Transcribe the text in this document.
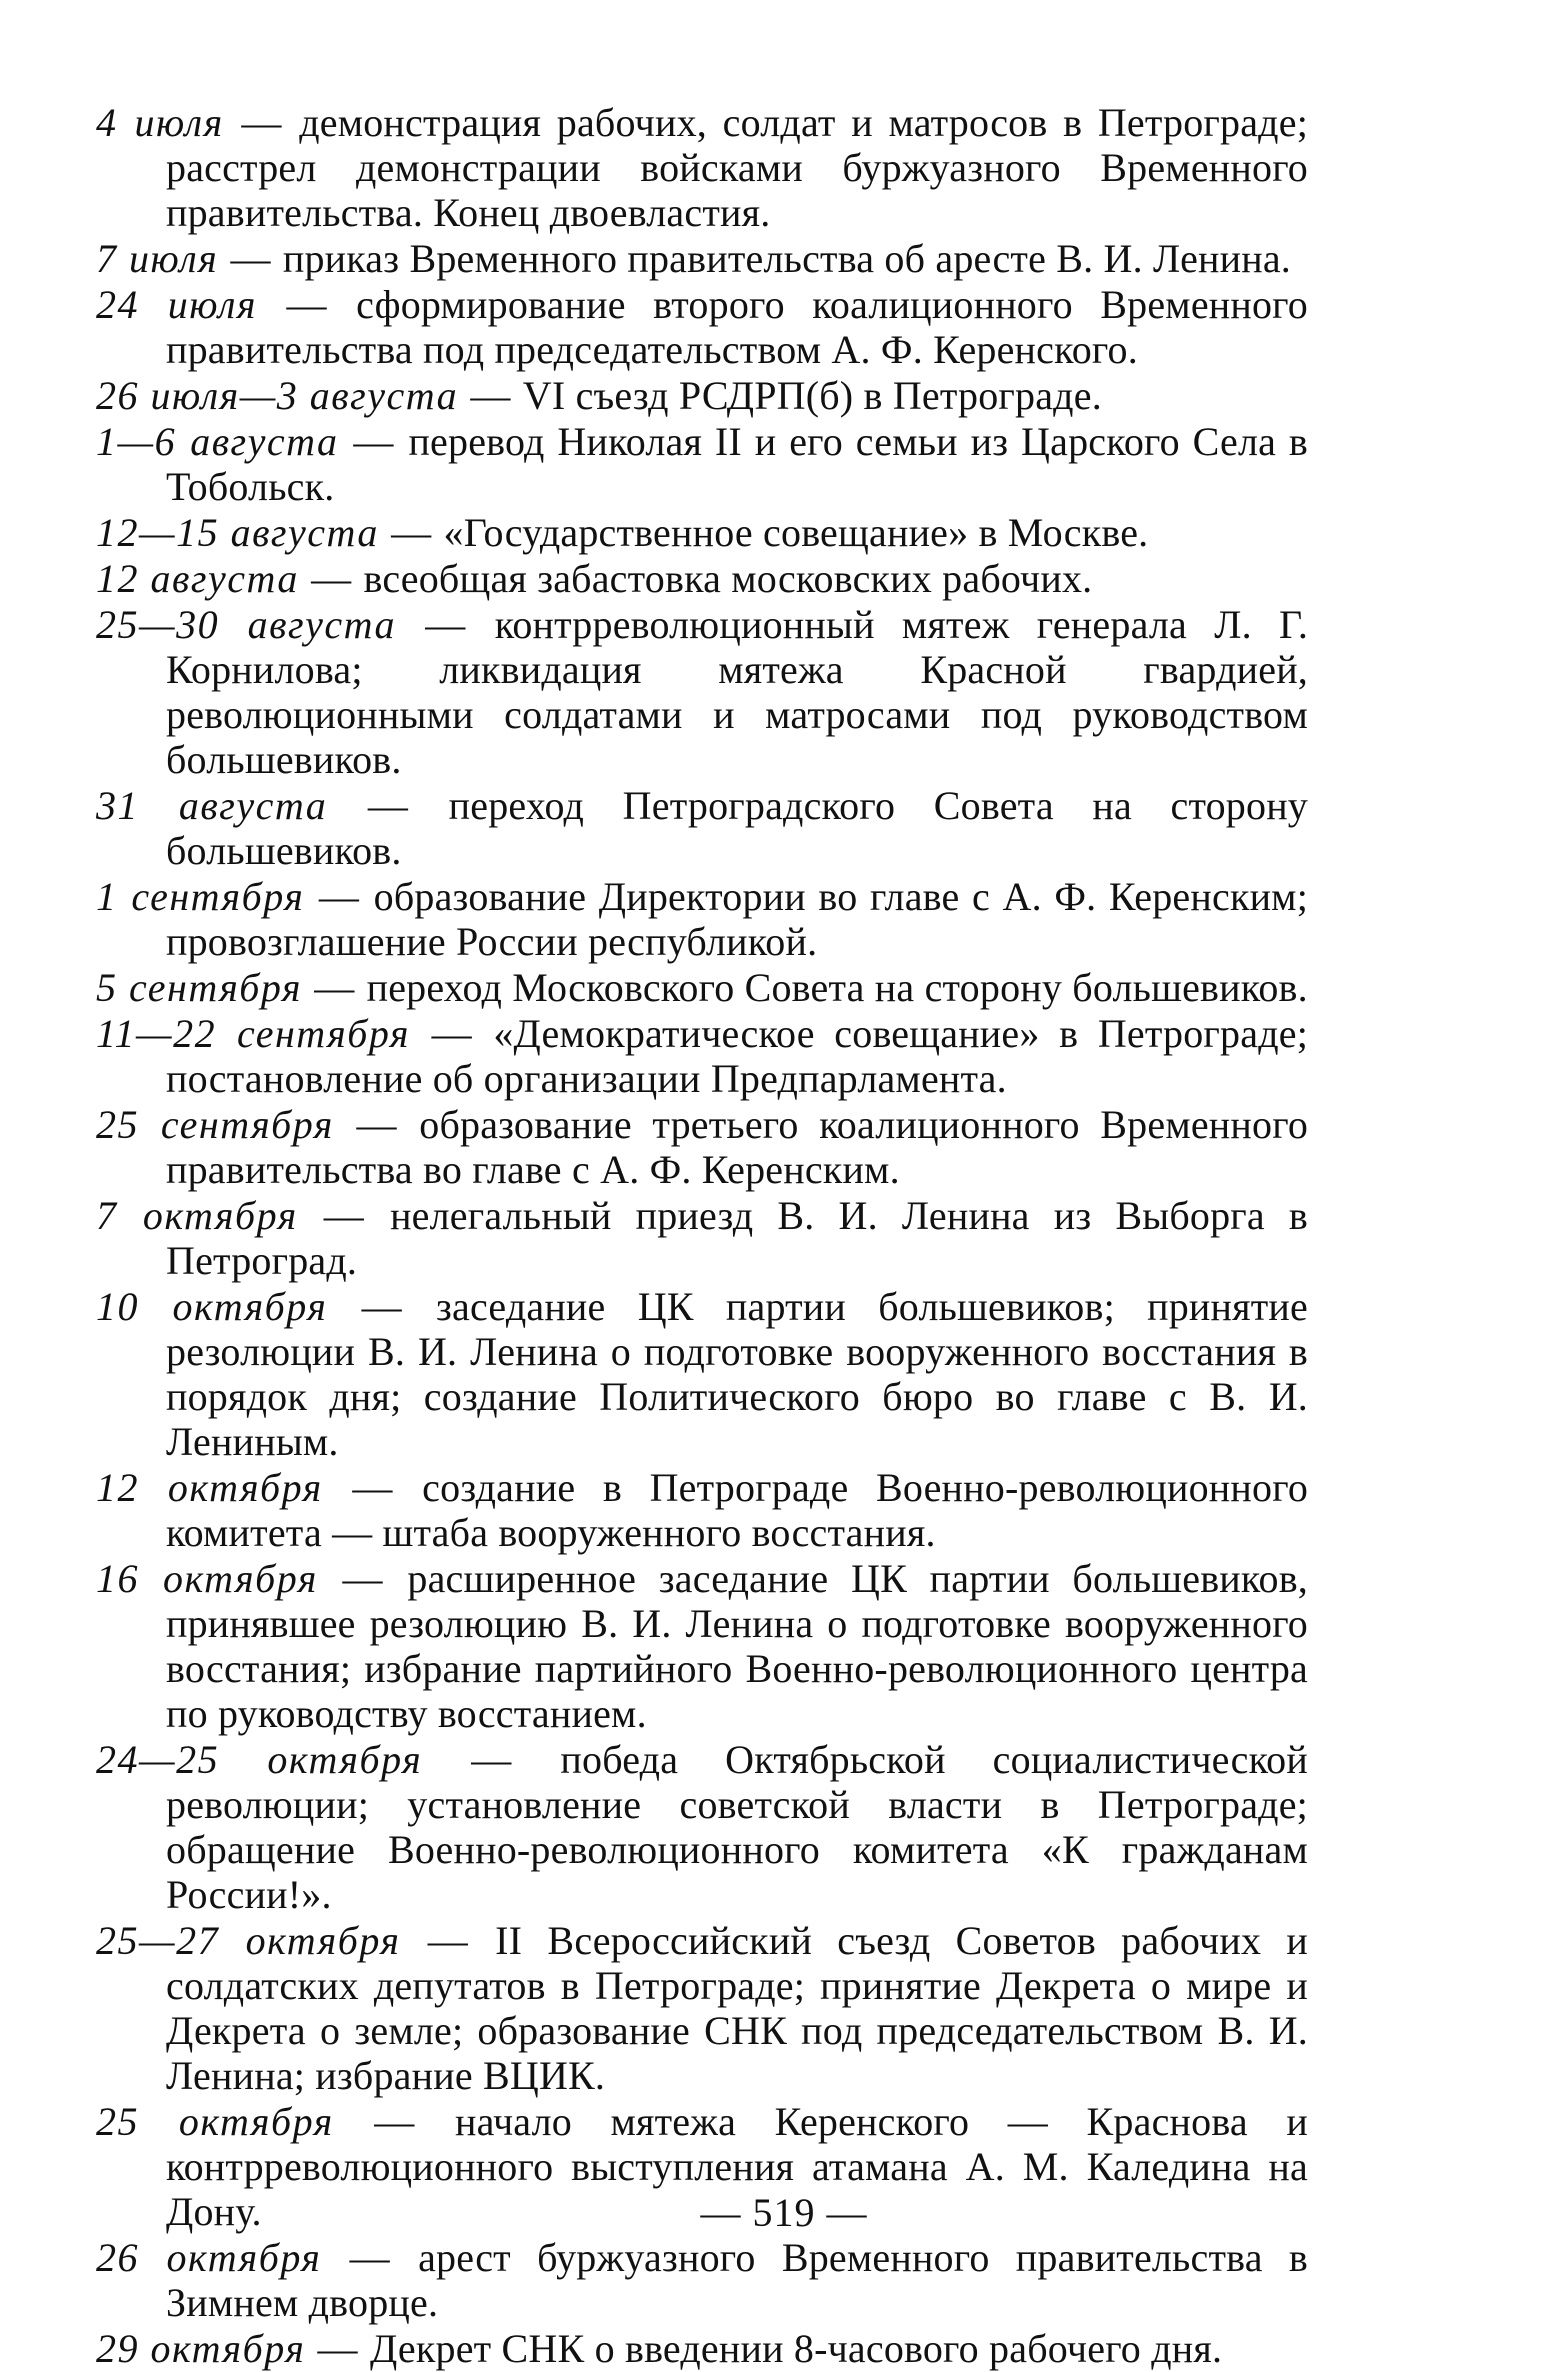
4 июля — демонстрация рабочих, солдат и матросов в Петрограде; расстрел демонстрации войсками буржуазного Временного правительства. Конец двоевластия.

7 июля — приказ Временного правительства об аресте В. И. Ленина.

24 июля — сформирование второго коалиционного Временного правительства под председательством А. Ф. Керенского.

26 июля—3 августа — VI съезд РСДРП(б) в Петрограде.

1—6 августа — перевод Николая II и его семьи из Царского Села в Тобольск.

12—15 августа — «Государственное совещание» в Москве.

12 августа — всеобщая забастовка московских рабочих.

25—30 августа — контрреволюционный мятеж генерала Л. Г. Корнилова; ликвидация мятежа Красной гвардией, революционными солдатами и матросами под руководством большевиков.

31 августа — переход Петроградского Совета на сторону большевиков.

1 сентября — образование Директории во главе с А. Ф. Керенским; провозглашение России республикой.

5 сентября — переход Московского Совета на сторону большевиков.

11—22 сентября — «Демократическое совещание» в Петрограде; постановление об организации Предпарламента.

25 сентября — образование третьего коалиционного Временного правительства во главе с А. Ф. Керенским.

7 октября — нелегальный приезд В. И. Ленина из Выборга в Петроград.

10 октября — заседание ЦК партии большевиков; принятие резолюции В. И. Ленина о подготовке вооруженного восстания в порядок дня; создание Политического бюро во главе с В. И. Лениным.

12 октября — создание в Петрограде Военно-революционного комитета — штаба вооруженного восстания.

16 октября — расширенное заседание ЦК партии большевиков, принявшее резолюцию В. И. Ленина о подготовке вооруженного восстания; избрание партийного Военно-революционного центра по руководству восстанием.

24—25 октября — победа Октябрьской социалистической революции; установление советской власти в Петрограде; обращение Военно-революционного комитета «К гражданам России!».

25—27 октября — II Всероссийский съезд Советов рабочих и солдатских депутатов в Петрограде; принятие Декрета о мире и Декрета о земле; образование СНК под председательством В. И. Ленина; избрание ВЦИК.

25 октября — начало мятежа Керенского — Краснова и контрреволюционного выступления атамана А. М. Каледина на Дону.

26 октября — арест буржуазного Временного правительства в Зимнем дворце.

29 октября — Декрет СНК о введении 8-часового рабочего дня.

— 519 —
